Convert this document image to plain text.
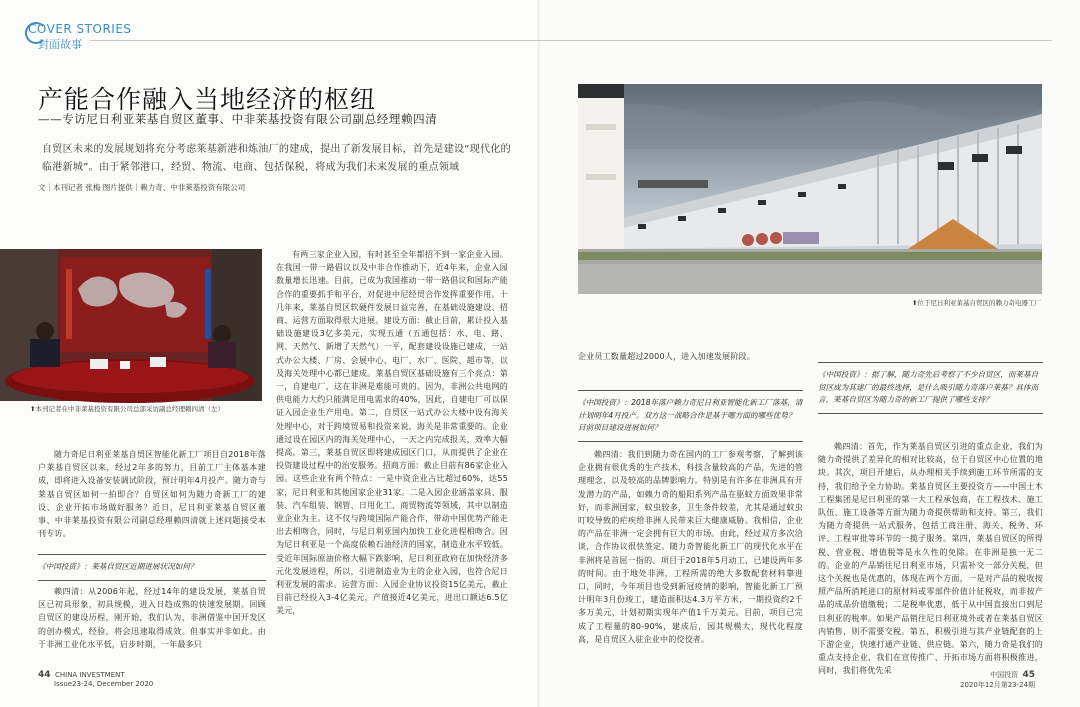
COVER STORIES
封面故事
产能合作融入当地经济的枢纽
——专访尼日利亚莱基自贸区董事、中非莱基投资有限公司副总经理赖四清
自贸区未来的发展规划将充分考虑莱基新港和炼油厂的建成，提出了新发展目标，首先是建设“现代化的临港新城”。由于紧邻港口，经贸、物流、电商、包括保税，将成为我们未来发展的重点领域
文｜本刊记者 张梅 图片提供｜赖力奇、中非莱基投资有限公司
⬆本刊记者在中非莱基投资有限公司总部采访副总经理赖四清（左）

随力奇尼日利亚莱基自贸区智能化新工厂项目自2018年落户莱基自贸区以来，经过2年多的努力，目前工厂主体基本建成，即将进入设备安装调试阶段，预计明年4月投产。随力奇与莱基自贸区如何一拍即合？自贸区如何为随力奇新工厂的建设、企业开拓市场做好服务？近日，尼日利亚莱基自贸区董事、中非莱基投资有限公司副总经理赖四清就上述问题接受本刊专访。

《中国投资》：莱基自贸区近期进展状况如何？

赖四清：从2006年起，经过14年的建设发展，莱基自贸区已初具形象，初具规模，进入日趋成熟的快速发展期。回顾自贸区的建设历程，刚开始，我们认为，非洲借鉴中国开发区的创办模式，经验，将会迅速取得成效。但事实并非如此。由于非洲工业化水平低，启步时期，一年最多只

有两三家企业入园，有时甚至全年都招不到一家企业入园。在我国一带一路倡议以及中非合作推动下，近4年来，企业入园数量增长迅速。目前，已成为我国推动一带一路倡议和国际产能合作的重要抓手和平台，对促进中尼经贸合作发挥重要作用。十几年来，莱基自贸区软硬件发展日益完善，在基础设施建设、招商、运营方面取得很大进展。建设方面：截止目前，累计投入基础设施建设3亿多美元，实现五通（五通包括：水、电、路、网、天然气、新增了天然气）一平，配套建设设施已建成，一站式办公大楼、厂房、会展中心、电厂、水厂、医院、超市等，以及海关处理中心都已建成。莱基自贸区基础设施有三个亮点：第一，自建电厂，这在非洲是难能可贵的。因为，非洲公共电网的供电能力大约只能满足用电需求的40%，因此，自建电厂可以保证入园企业生产用电。第二，自贸区一站式办公大楼中设有海关处理中心，对于跨境贸易和投资来说，海关是非常重要的。企业通过设在园区内的海关处理中心，一天之内完成报关，效率大幅提高。第三，莱基自贸区即将建成园区门口，从而提供了企业在投资建设过程中的治安服务。招商方面：截止目前有86家企业入园。这些企业有两个特点：一是中资企业占比超过60%，达55家，尼日利亚和其他国家企业31家。二是入园企业涵盖家具、服装、汽车组装、钢管、日用化工、商贸物流等领域，其中以制造业企业为主。这不仅与跨境国际产能合作，带动中国优势产能走出去相吻合，同时，与尼日利亚国内加快工业化进程相吻合。因为尼日利亚是一个高度依赖石油经济的国家，制造业水平较低。受近年国际原油价格大幅下跌影响，尼日利亚政府在加快经济多元化发展进程，所以，引进制造业为主的企业入园，也符合尼日利亚发展的需求。运营方面：入园企业协议投资15亿美元，截止目前已经投入3-4亿美元，产值接近4亿美元，进出口额达6.5亿美元，

44 CHINA INVESTMENT
Issue23-24, December 2020
中国投资 45
2020年12月第23-24期
⬆位于尼日利亚莱基自贸区的赖力奇电器工厂

企业员工数量超过2000人，进入加速发展阶段。

《中国投资》：2018年落户赖力奇尼日利亚智能化新工厂落基，请计划明年4月投产。双方这一战略合作是基于哪方面的哪些优势？目前项目建设进展如何？

赖四清：我们到随力奇在国内的工厂参观考察，了解到该企业拥有很优秀的生产技术，科技含量较高的产品，先进的管理理念，以及较高的品牌影响力。特别是有许多在非洲具有开发潜力的产品，如赖力奇的船阳系列产品在驱蚊方面效果非常好，而非洲国家，蚊虫较多，卫生条件较差，尤其是通过蚊虫叮咬导致的疟疾给非洲人民带来巨大健康威胁。我相信，企业的产品在非洲一定会拥有巨大的市场。由此，经过双方多次洽谈，合作协议很快签定。随力奇智能化新工厂的现代化水平在非洲将是首屈一指的。项目于2018年5月动工，已建设两年多的时间。由于地处非洲，工程所需的绝大多数配套材料靠进口，同时，今年项目也受到新冠疫情的影响，智能化新工厂预计明年3月份竣工，建造面积达4.3万平方米，一期投资约2千多万美元，计划初期实现年产值1千万美元。目前，项目已完成了工程量的80-90%，建成后，园其规模大，现代化程度高，是自贸区入驻企业中的佼佼者。

《中国投资》：据了解，随力奇先后考察了不少自贸区，而莱基自贸区成为其建厂的最终选择，是什么吸引随力奇落户莱基？具体而言，莱基自贸区为随力奇的新工厂提供了哪些支持？

赖四清：首先，作为莱基自贸区引进的重点企业，我们为随力奇提供了差异化的相对比较高，位于自贸区中心位置的地块。其次，项目开建后，从办理相关手续到施工环节所需的支持，我们给予全力协助。莱基自贸区主要投资方——中国土木工程集团是尼日利亚的第一大工程承包商，在工程技术、施工队伍、施工设备等方面为随力奇提供帮助和支持。第三，我们为随力奇提供一站式服务，包括工商注册、海关、税务、环评、工程审批等环节的一揽子服务。第四，莱基自贸区的所得税、营业税、增值税等是永久性的免除。在非洲是独一无二的。企业的产品销往尼日利亚市场，只需补交一部分关税，但这个关税也是优惠的，体现在两个方面，一是对产品的税收按照产品所消耗进口的原材料或零部件价值计征税收，而非按产品的成品价值缴税；二是税率优惠，低于从中国直接出口到尼日利亚的税率。如果产品销往尼日利亚境外或者在莱基自贸区内销售，则不需要交税。第五，积极引进与其产业链配套的上下游企业，快速打通产业链、供应链。第六，随力奇是我们的重点支持企业，我们在宣传推广、开拓市场方面将积极推进，同时，我们将优先采
